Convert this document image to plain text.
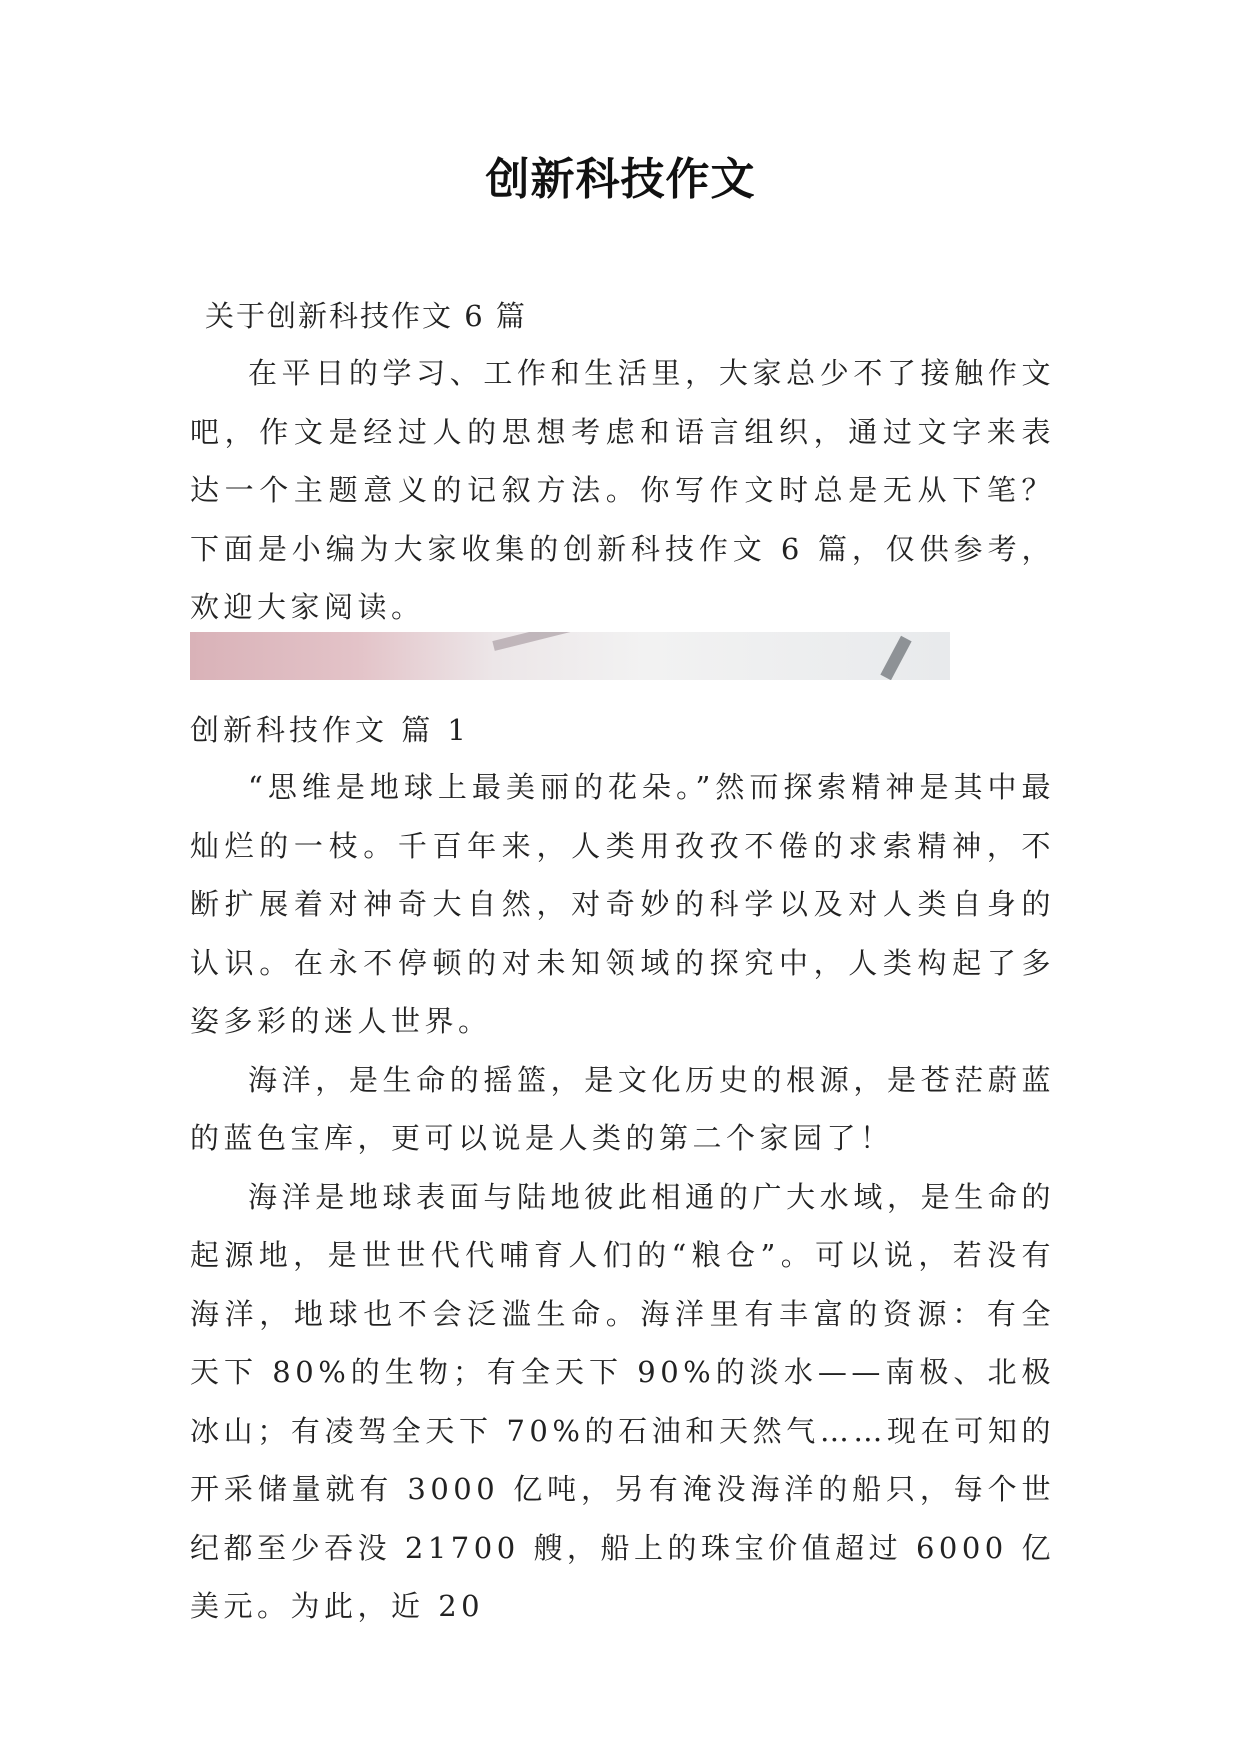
创新科技作文
关于创新科技作文 6 篇

在平日的学习、工作和生活里，大家总少不了接触作文吧，作文是经过人的思想考虑和语言组织，通过文字来表达一个主题意义的记叙方法。你写作文时总是无从下笔？下面是小编为大家收集的创新科技作文 6 篇，仅供参考，欢迎大家阅读。

创新科技作文 篇 1

“思维是地球上最美丽的花朵。”然而探索精神是其中最灿烂的一枝。千百年来，人类用孜孜不倦的求索精神，不断扩展着对神奇大自然，对奇妙的科学以及对人类自身的认识。在永不停顿的对未知领域的探究中，人类构起了多姿多彩的迷人世界。

海洋，是生命的摇篮，是文化历史的根源，是苍茫蔚蓝的蓝色宝库，更可以说是人类的第二个家园了！

海洋是地球表面与陆地彼此相通的广大水域，是生命的起源地，是世世代代哺育人们的“粮仓”。可以说，若没有海洋，地球也不会泛滥生命。海洋里有丰富的资源：有全天下 80%的生物；有全天下 90%的淡水——南极、北极冰山；有凌驾全天下 70%的石油和天然气……现在可知的开采储量就有 3000 亿吨，另有淹没海洋的船只，每个世纪都至少吞没 21700 艘，船上的珠宝价值超过 6000 亿美元。为此，近 20
